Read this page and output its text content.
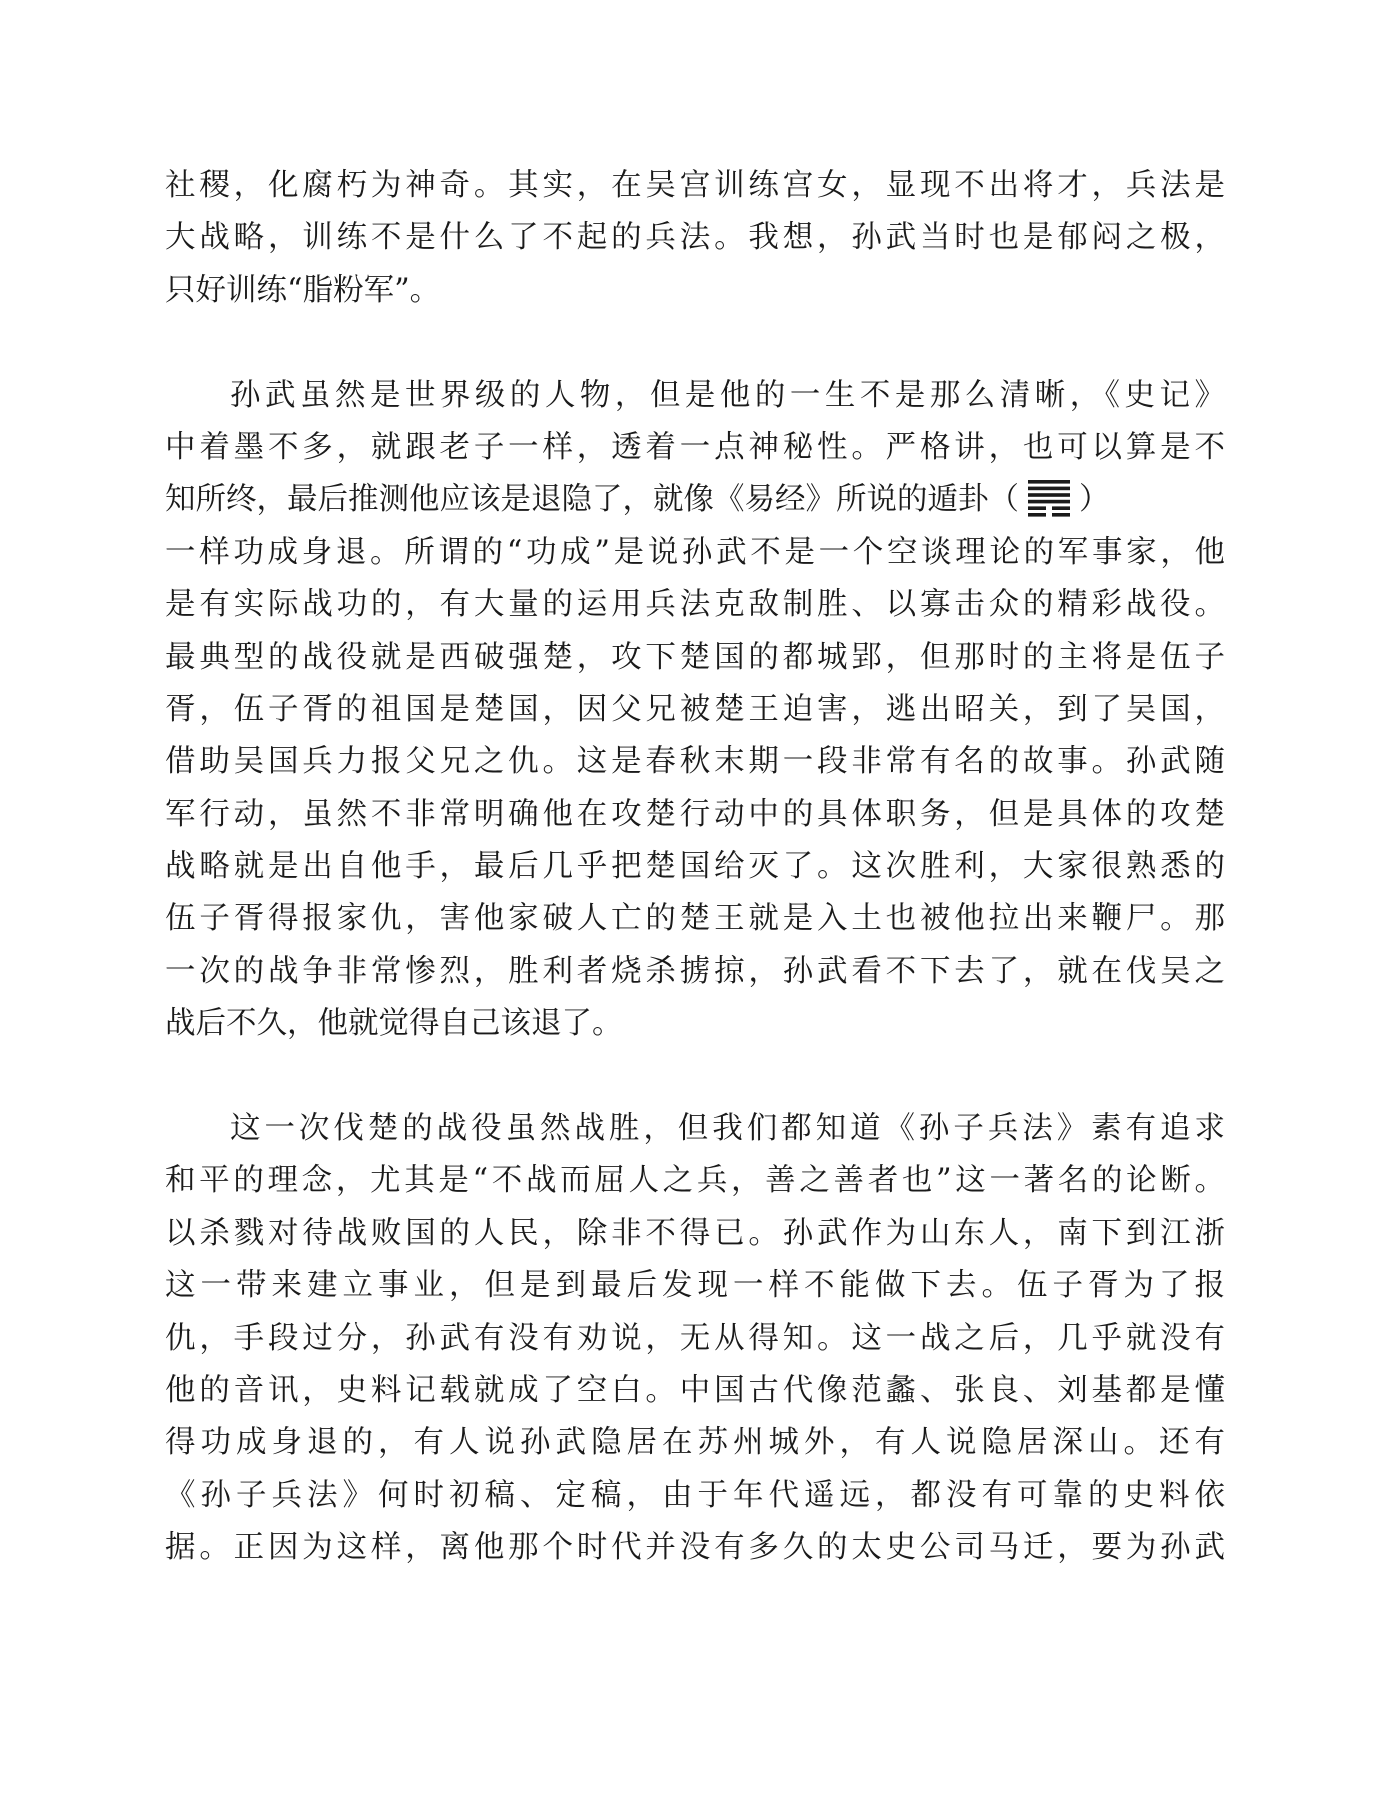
社稷，化腐朽为神奇。其实，在吴宫训练宫女，显现不出将才，兵法是
大战略，训练不是什么了不起的兵法。我想，孙武当时也是郁闷之极，
只好训练“脂粉军”。
孙武虽然是世界级的人物，但是他的一生不是那么清晰，《史记》
中着墨不多，就跟老子一样，透着一点神秘性。严格讲，也可以算是不
知所终，最后推测他应该是退隐了，就像《易经》所说的遁卦（ ）
一样功成身退。所谓的“功成”是说孙武不是一个空谈理论的军事家，他
是有实际战功的，有大量的运用兵法克敌制胜、以寡击众的精彩战役。
最典型的战役就是西破强楚，攻下楚国的都城郢，但那时的主将是伍子
胥，伍子胥的祖国是楚国，因父兄被楚王迫害，逃出昭关，到了吴国，
借助吴国兵力报父兄之仇。这是春秋末期一段非常有名的故事。孙武随
军行动，虽然不非常明确他在攻楚行动中的具体职务，但是具体的攻楚
战略就是出自他手，最后几乎把楚国给灭了。这次胜利，大家很熟悉的
伍子胥得报家仇，害他家破人亡的楚王就是入土也被他拉出来鞭尸。那
一次的战争非常惨烈，胜利者烧杀掳掠，孙武看不下去了，就在伐吴之
战后不久，他就觉得自己该退了。
这一次伐楚的战役虽然战胜，但我们都知道《孙子兵法》素有追求
和平的理念，尤其是“不战而屈人之兵，善之善者也”这一著名的论断。
以杀戮对待战败国的人民，除非不得已。孙武作为山东人，南下到江浙
这一带来建立事业，但是到最后发现一样不能做下去。伍子胥为了报
仇，手段过分，孙武有没有劝说，无从得知。这一战之后，几乎就没有
他的音讯，史料记载就成了空白。中国古代像范蠡、张良、刘基都是懂
得功成身退的，有人说孙武隐居在苏州城外，有人说隐居深山。还有
《孙子兵法》何时初稿、定稿，由于年代遥远，都没有可靠的史料依
据。正因为这样，离他那个时代并没有多久的太史公司马迁，要为孙武
